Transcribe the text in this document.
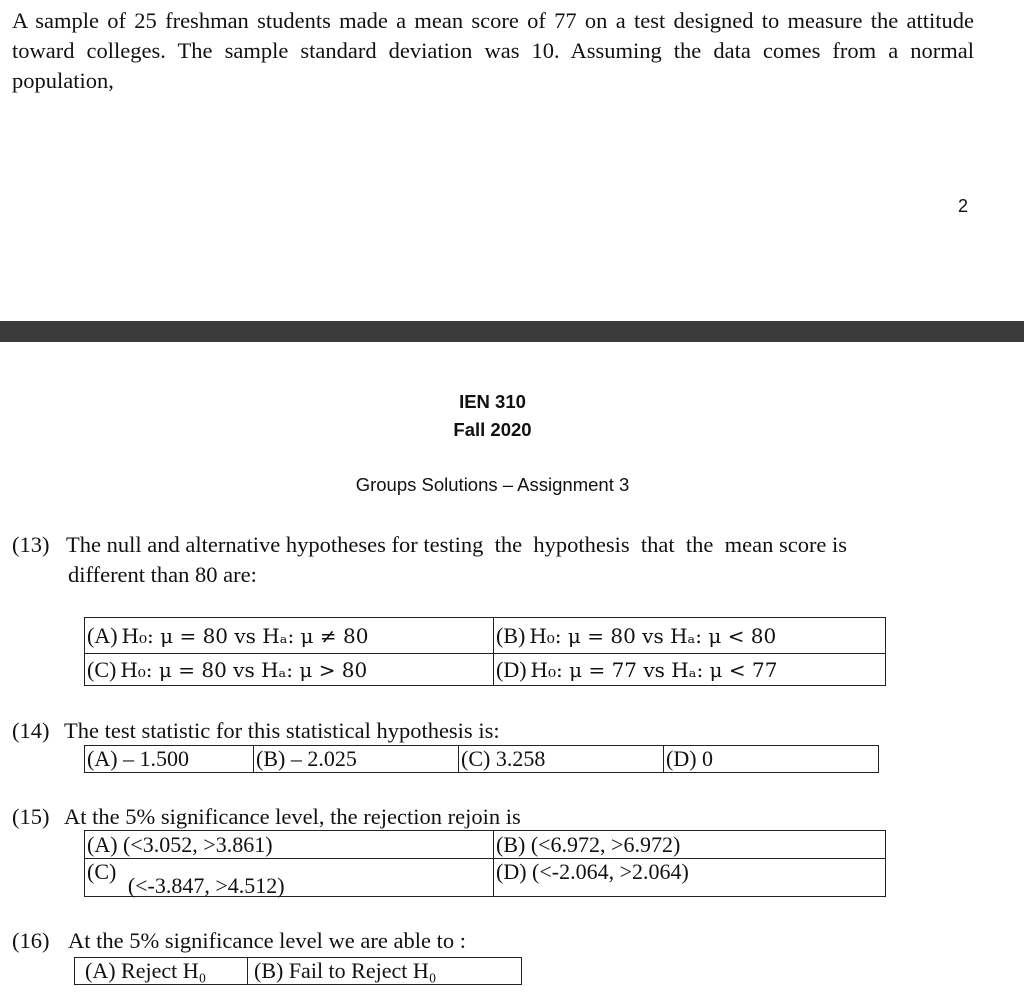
A sample of 25 freshman students made a mean score of 77 on a test designed to measure the attitude toward colleges. The sample standard deviation was 10. Assuming the data comes from a normal population,
2
IEN 310
Fall 2020
Groups Solutions – Assignment 3
(13) The null and alternative hypotheses for testing  the  hypothesis  that  the  mean score is
different than 80 are:
(A) H₀: μ = 80 vs Hₐ: μ ≠ 80	(B) H₀: μ = 80 vs Hₐ: μ < 80
(C) H₀: μ = 80 vs Hₐ: μ > 80	(D) H₀: μ = 77 vs Hₐ: μ < 77
(14) The test statistic for this statistical hypothesis is:
(A) – 1.500	(B) – 2.025	(C) 3.258	(D) 0
(15) At the 5% significance level, the rejection rejoin is
(A) (<3.052, >3.861)	(B) (<6.972, >6.972)
(C) (<-3.847, >4.512)	(D) (<-2.064, >2.064)
(16) At the 5% significance level we are able to :
(A) Reject H₀	(B) Fail to Reject H₀
